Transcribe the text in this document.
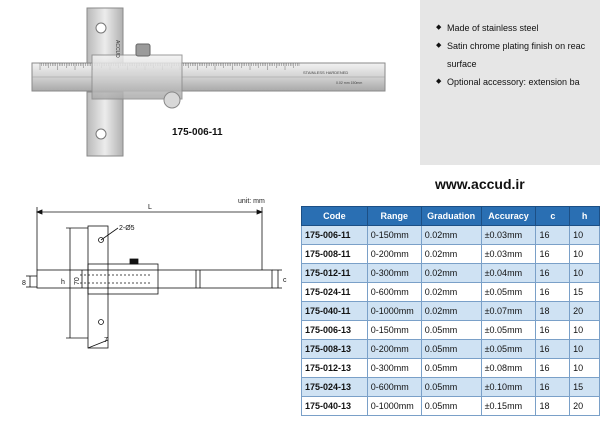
ACCUD
STAINLESS HARDENED
0.02 mm 150mm
175-006-11
◆ Made of stainless steel
◆ Satin chrome plating finish on reac
surface
◆ Optional accessory: extension ba
www.accud.ir
unit: mm
L
2-Ø5
70
h
8	c
7
Code	Range	Graduation	Accuracy	c	h
175-006-11	0-150mm	0.02mm	±0.03mm	16	10
175-008-11	0-200mm	0.02mm	±0.03mm	16	10
175-012-11	0-300mm	0.02mm	±0.04mm	16	10
175-024-11	0-600mm	0.02mm	±0.05mm	16	15
175-040-11	0-1000mm	0.02mm	±0.07mm	18	20
175-006-13	0-150mm	0.05mm	±0.05mm	16	10
175-008-13	0-200mm	0.05mm	±0.05mm	16	10
175-012-13	0-300mm	0.05mm	±0.08mm	16	10
175-024-13	0-600mm	0.05mm	±0.10mm	16	15
175-040-13	0-1000mm	0.05mm	±0.15mm	18	20
